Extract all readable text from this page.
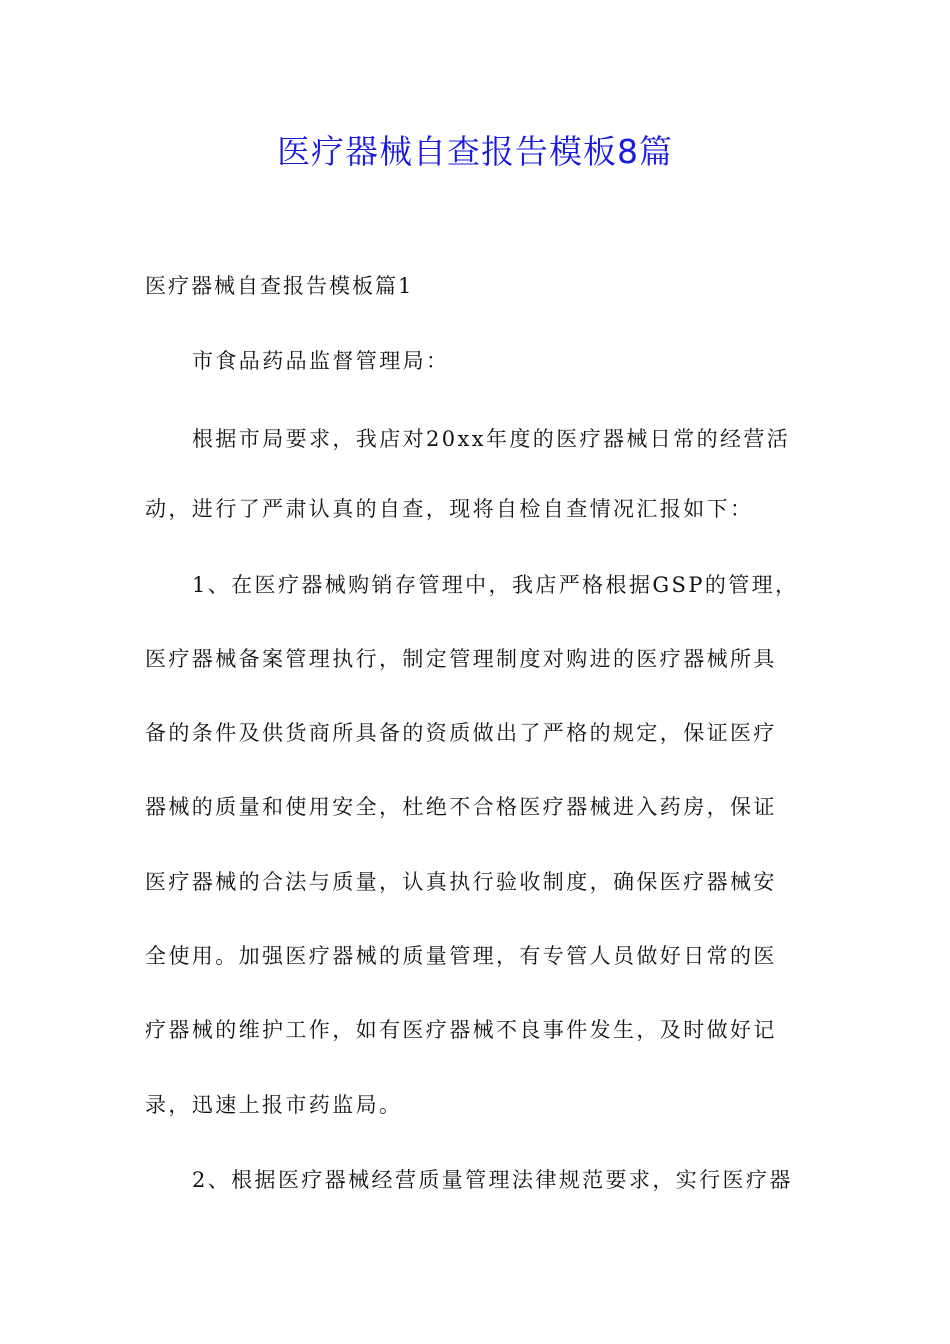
医疗器械自查报告模板8篇
医疗器械自查报告模板篇1
市食品药品监督管理局：
根据市局要求，我店对20xx年度的医疗器械日常的经营活
动，进行了严肃认真的自查，现将自检自查情况汇报如下：
1、在医疗器械购销存管理中，我店严格根据GSP的管理，
医疗器械备案管理执行，制定管理制度对购进的医疗器械所具
备的条件及供货商所具备的资质做出了严格的规定，保证医疗
器械的质量和使用安全，杜绝不合格医疗器械进入药房，保证
医疗器械的合法与质量，认真执行验收制度，确保医疗器械安
全使用。加强医疗器械的质量管理，有专管人员做好日常的医
疗器械的维护工作，如有医疗器械不良事件发生，及时做好记
录，迅速上报市药监局。
2、根据医疗器械经营质量管理法律规范要求，实行医疗器
